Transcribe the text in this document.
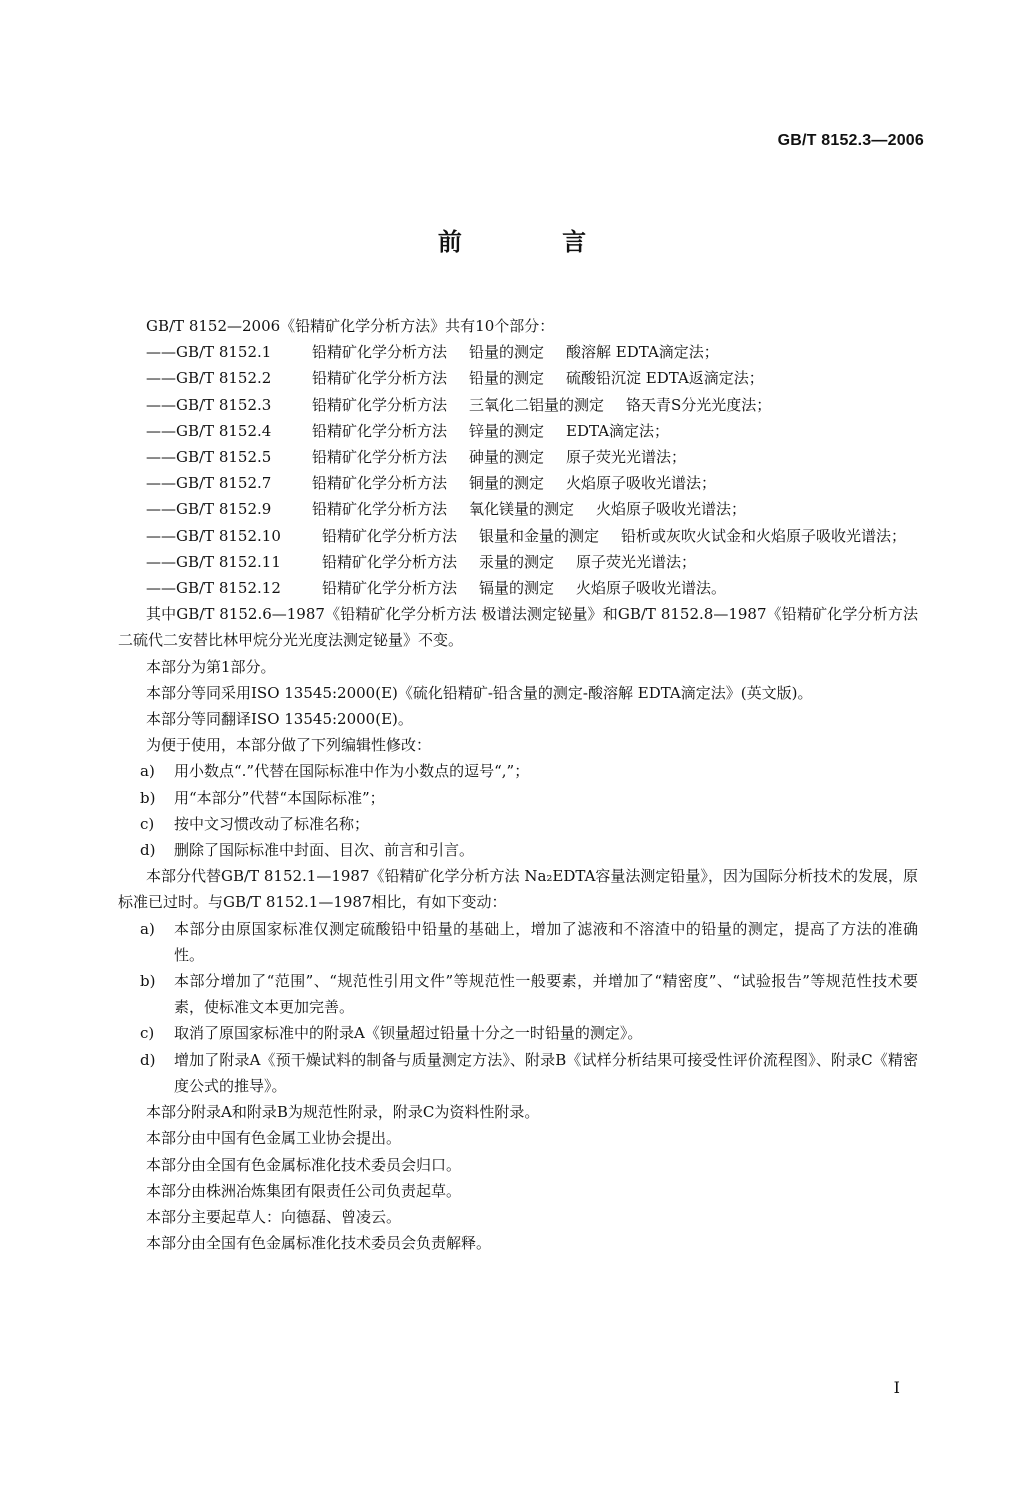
GB/T 8152.3—2006
前 言

GB/T 8152—2006《铅精矿化学分析方法》共有10个部分：

——GB/T 8152.1	铅精矿化学分析方法 铅量的测定 酸溶解 EDTA滴定法；
——GB/T 8152.2	铅精矿化学分析方法 铅量的测定 硫酸铅沉淀 EDTA返滴定法；
——GB/T 8152.3	铅精矿化学分析方法 三氧化二铝量的测定 铬天青S分光光度法；
——GB/T 8152.4	铅精矿化学分析方法 锌量的测定 EDTA滴定法；
——GB/T 8152.5	铅精矿化学分析方法 砷量的测定 原子荧光光谱法；
——GB/T 8152.7	铅精矿化学分析方法 铜量的测定 火焰原子吸收光谱法；
——GB/T 8152.9	铅精矿化学分析方法 氧化镁量的测定 火焰原子吸收光谱法；
——GB/T 8152.10	铅精矿化学分析方法 银量和金量的测定 铅析或灰吹火试金和火焰原子吸收光谱法；
——GB/T 8152.11	铅精矿化学分析方法 汞量的测定 原子荧光光谱法；
——GB/T 8152.12	铅精矿化学分析方法 镉量的测定 火焰原子吸收光谱法。

其中GB/T 8152.6—1987《铅精矿化学分析方法 极谱法测定铋量》和GB/T 8152.8—1987《铅精矿化学分析方法 二硫代二安替比林甲烷分光光度法测定铋量》不变。

本部分为第1部分。

本部分等同采用ISO 13545:2000(E)《硫化铅精矿-铅含量的测定-酸溶解 EDTA滴定法》(英文版)。

本部分等同翻译ISO 13545:2000(E)。

为便于使用，本部分做了下列编辑性修改：

a)	用小数点“.”代替在国际标准中作为小数点的逗号“,”；
b)	用“本部分”代替“本国际标准”；
c)	按中文习惯改动了标准名称；
d)	删除了国际标准中封面、目次、前言和引言。

本部分代替GB/T 8152.1—1987《铅精矿化学分析方法 Na₂EDTA容量法测定铅量》，因为国际分析技术的发展，原标准已过时。与GB/T 8152.1—1987相比，有如下变动：

a)	本部分由原国家标准仅测定硫酸铅中铅量的基础上，增加了滤液和不溶渣中的铅量的测定，提高了方法的准确性。
b)	本部分增加了“范围”、“规范性引用文件”等规范性一般要素，并增加了“精密度”、“试验报告”等规范性技术要素，使标准文本更加完善。
c)	取消了原国家标准中的附录A《钡量超过铅量十分之一时铅量的测定》。
d)	增加了附录A《预干燥试料的制备与质量测定方法》、附录B《试样分析结果可接受性评价流程图》、附录C《精密度公式的推导》。

本部分附录A和附录B为规范性附录，附录C为资料性附录。

本部分由中国有色金属工业协会提出。

本部分由全国有色金属标准化技术委员会归口。

本部分由株洲冶炼集团有限责任公司负责起草。

本部分主要起草人：向德磊、曾凌云。

本部分由全国有色金属标准化技术委员会负责解释。

I
